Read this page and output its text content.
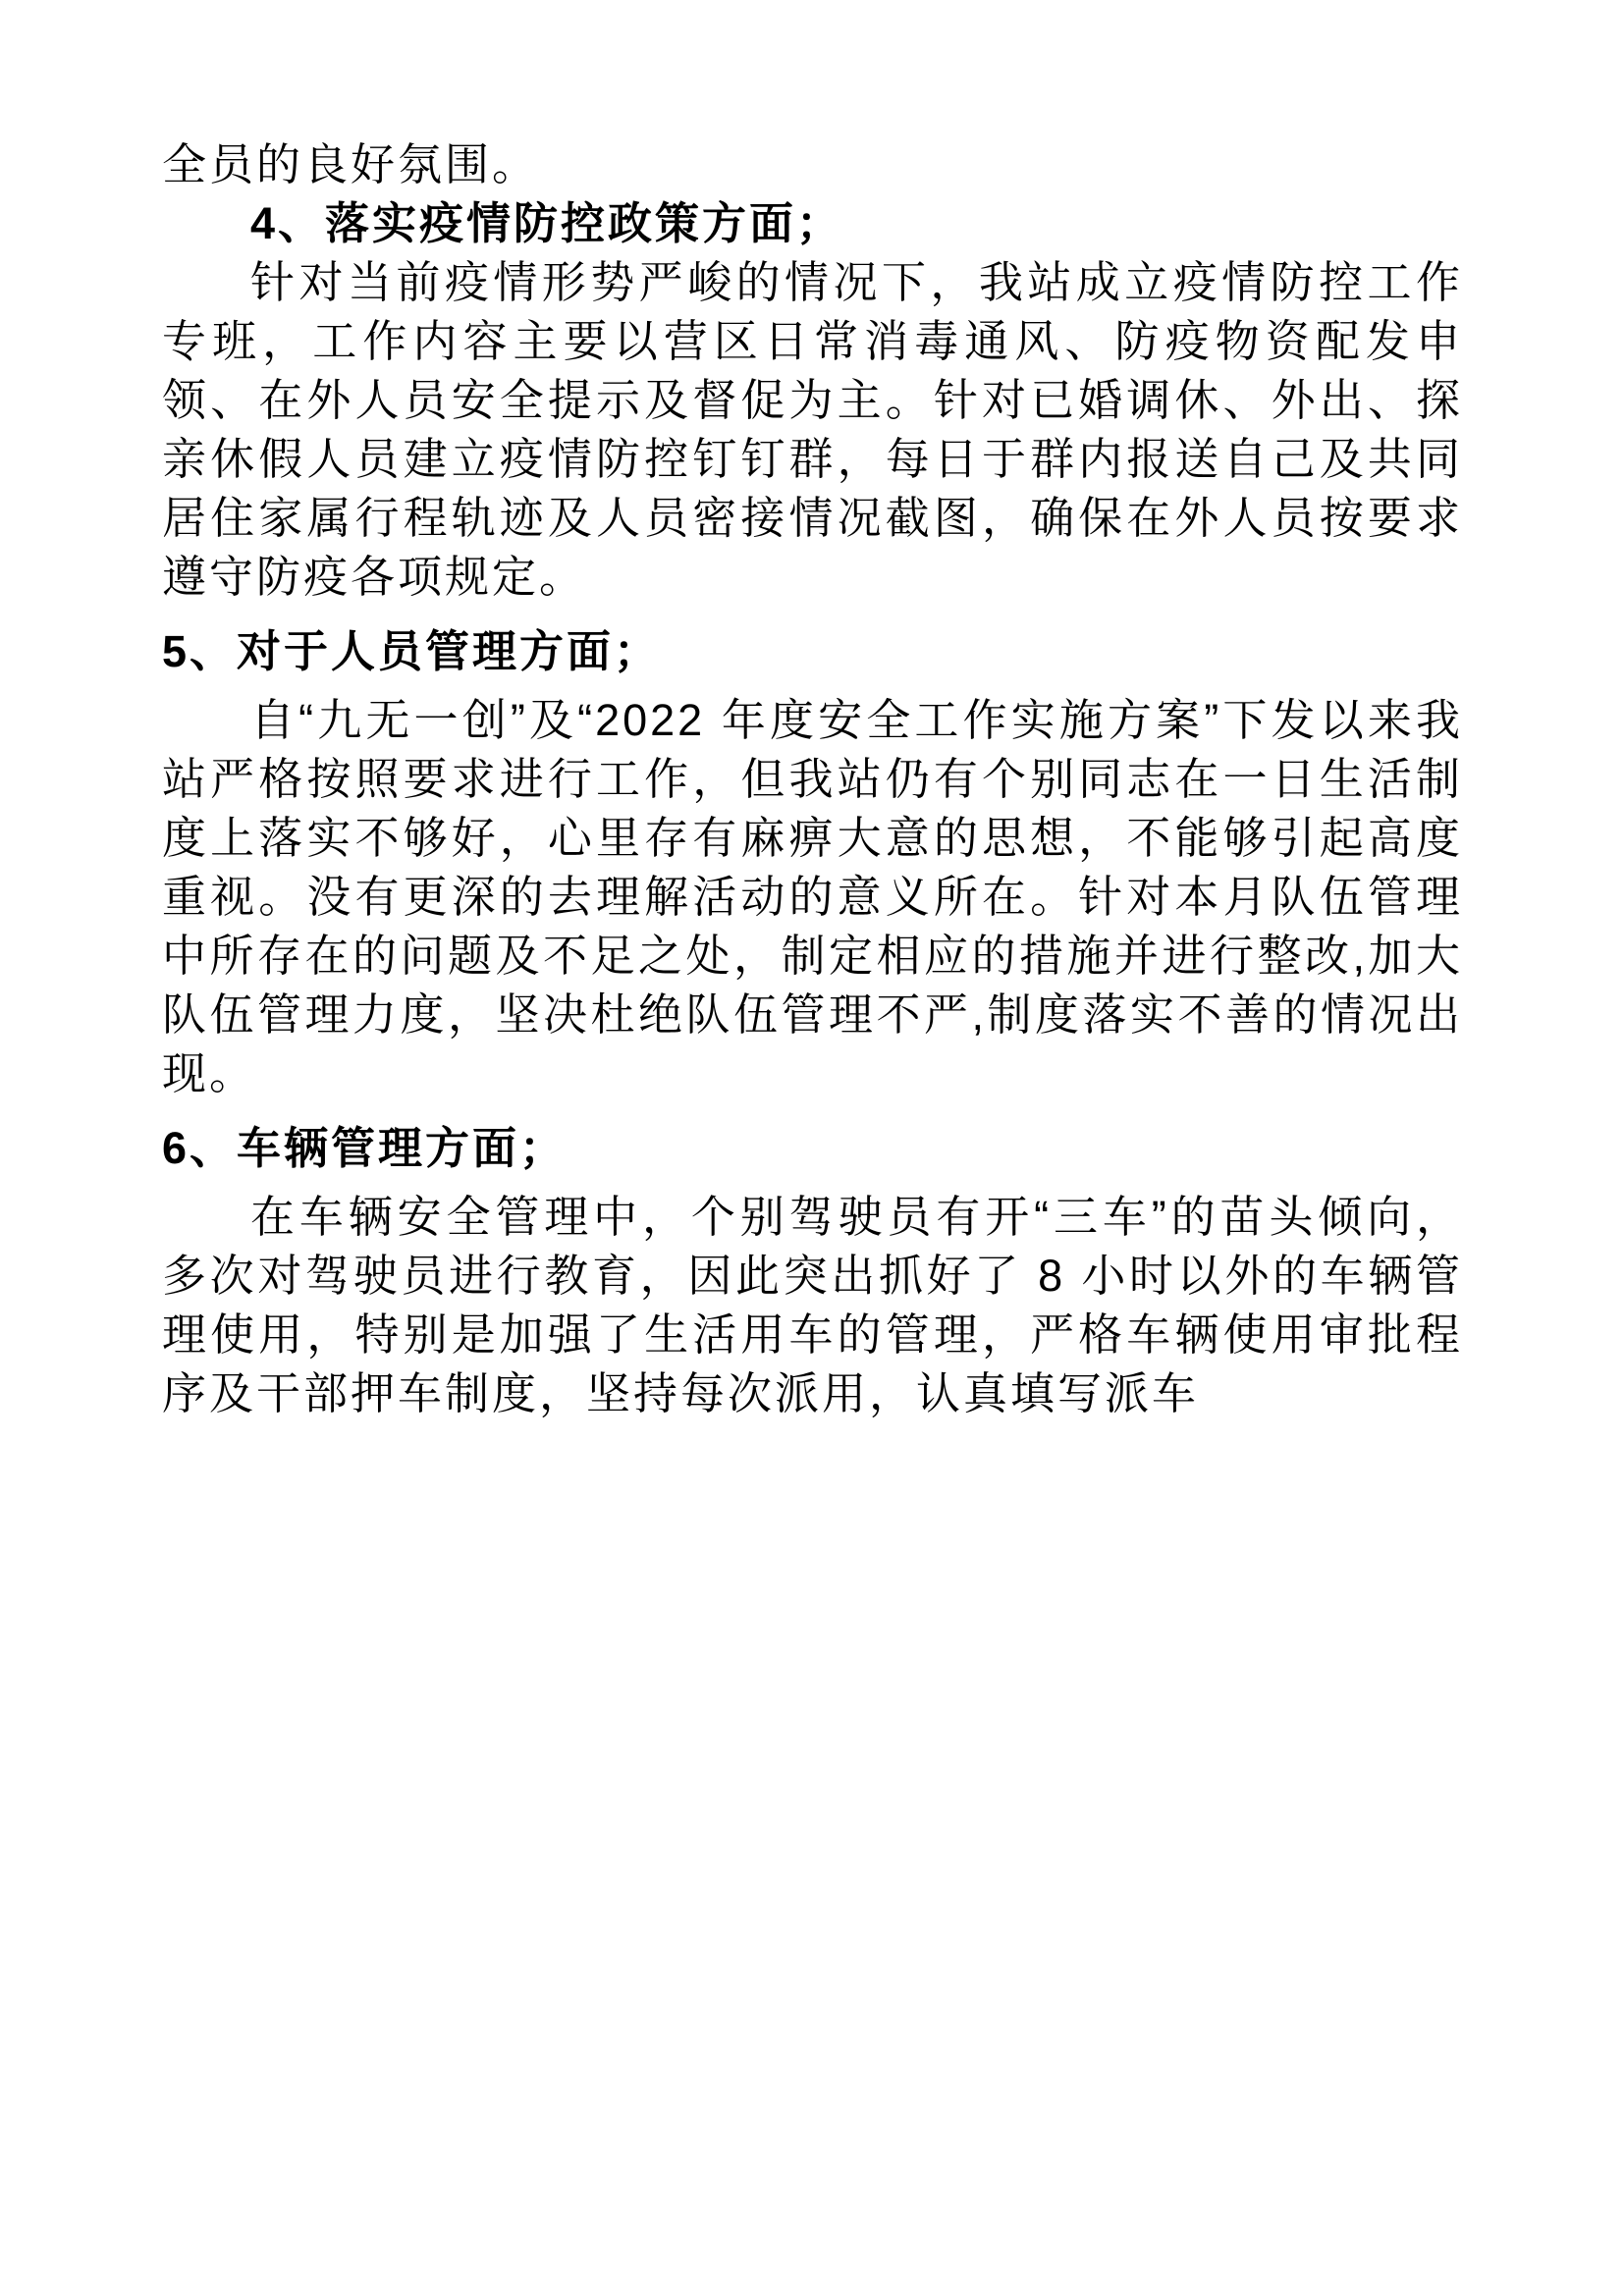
全员的良好氛围。

4、落实疫情防控政策方面；

针对当前疫情形势严峻的情况下，我站成立疫情防控工作专班，工作内容主要以营区日常消毒通风、防疫物资配发申领、在外人员安全提示及督促为主。针对已婚调休、外出、探亲休假人员建立疫情防控钉钉群，每日于群内报送自己及共同居住家属行程轨迹及人员密接情况截图，确保在外人员按要求遵守防疫各项规定。

5、对于人员管理方面；

自“九无一创”及“2022 年度安全工作实施方案”下发以来我站严格按照要求进行工作，但我站仍有个别同志在一日生活制度上落实不够好，心里存有麻痹大意的思想，不能够引起高度重视。没有更深的去理解活动的意义所在。针对本月队伍管理中所存在的问题及不足之处，制定相应的措施并进行整改,加大队伍管理力度，坚决杜绝队伍管理不严,制度落实不善的情况出现。

6、车辆管理方面；

在车辆安全管理中，个别驾驶员有开“三车”的苗头倾向，多次对驾驶员进行教育，因此突出抓好了 8 小时以外的车辆管理使用，特别是加强了生活用车的管理，严格车辆使用审批程序及干部押车制度，坚持每次派用，认真填写派车
